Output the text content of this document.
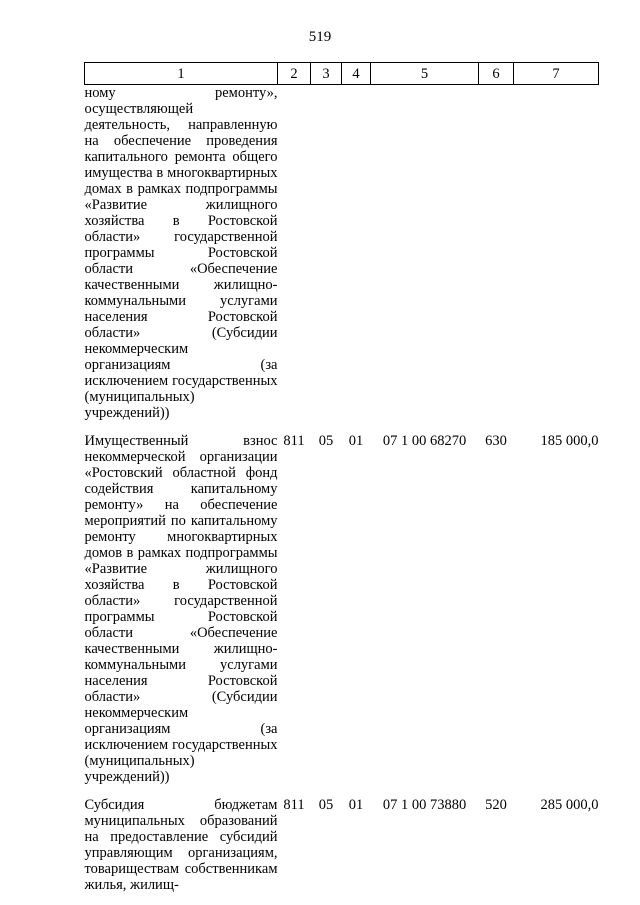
519
1	2	3	4	5	6	7
ному ремонту», осуществляющей деятельность, направленную на обеспечение проведения капитального ремонта общего имущества в многоквартирных домах в рамках подпрограммы «Развитие жилищного хозяйства в Ростовской области» государственной программы Ростовской области «Обеспечение качественными жилищно-коммунальными услугами населения Ростовской области» (Субсидии некоммерческим организациям (за исключением государственных (муниципальных) учреждений))						

Имущественный взнос некоммерческой организации «Ростовский областной фонд содействия капитальному ремонту» на обеспечение мероприятий по капитальному ремонту многоквартирных домов в рамках подпрограммы «Развитие жилищного хозяйства в Ростовской области» государственной программы Ростовской области «Обеспечение качественными жилищно-коммунальными услугами населения Ростовской области» (Субсидии некоммерческим организациям (за исключением государственных (муниципальных) учреждений))	811	05	01	07 1 00 68270	630	185 000,0

Субсидия бюджетам муниципальных образований на предоставление субсидий управляющим организациям, товариществам собственникам жилья, жилищ-	811	05	01	07 1 00 73880	520	285 000,0
